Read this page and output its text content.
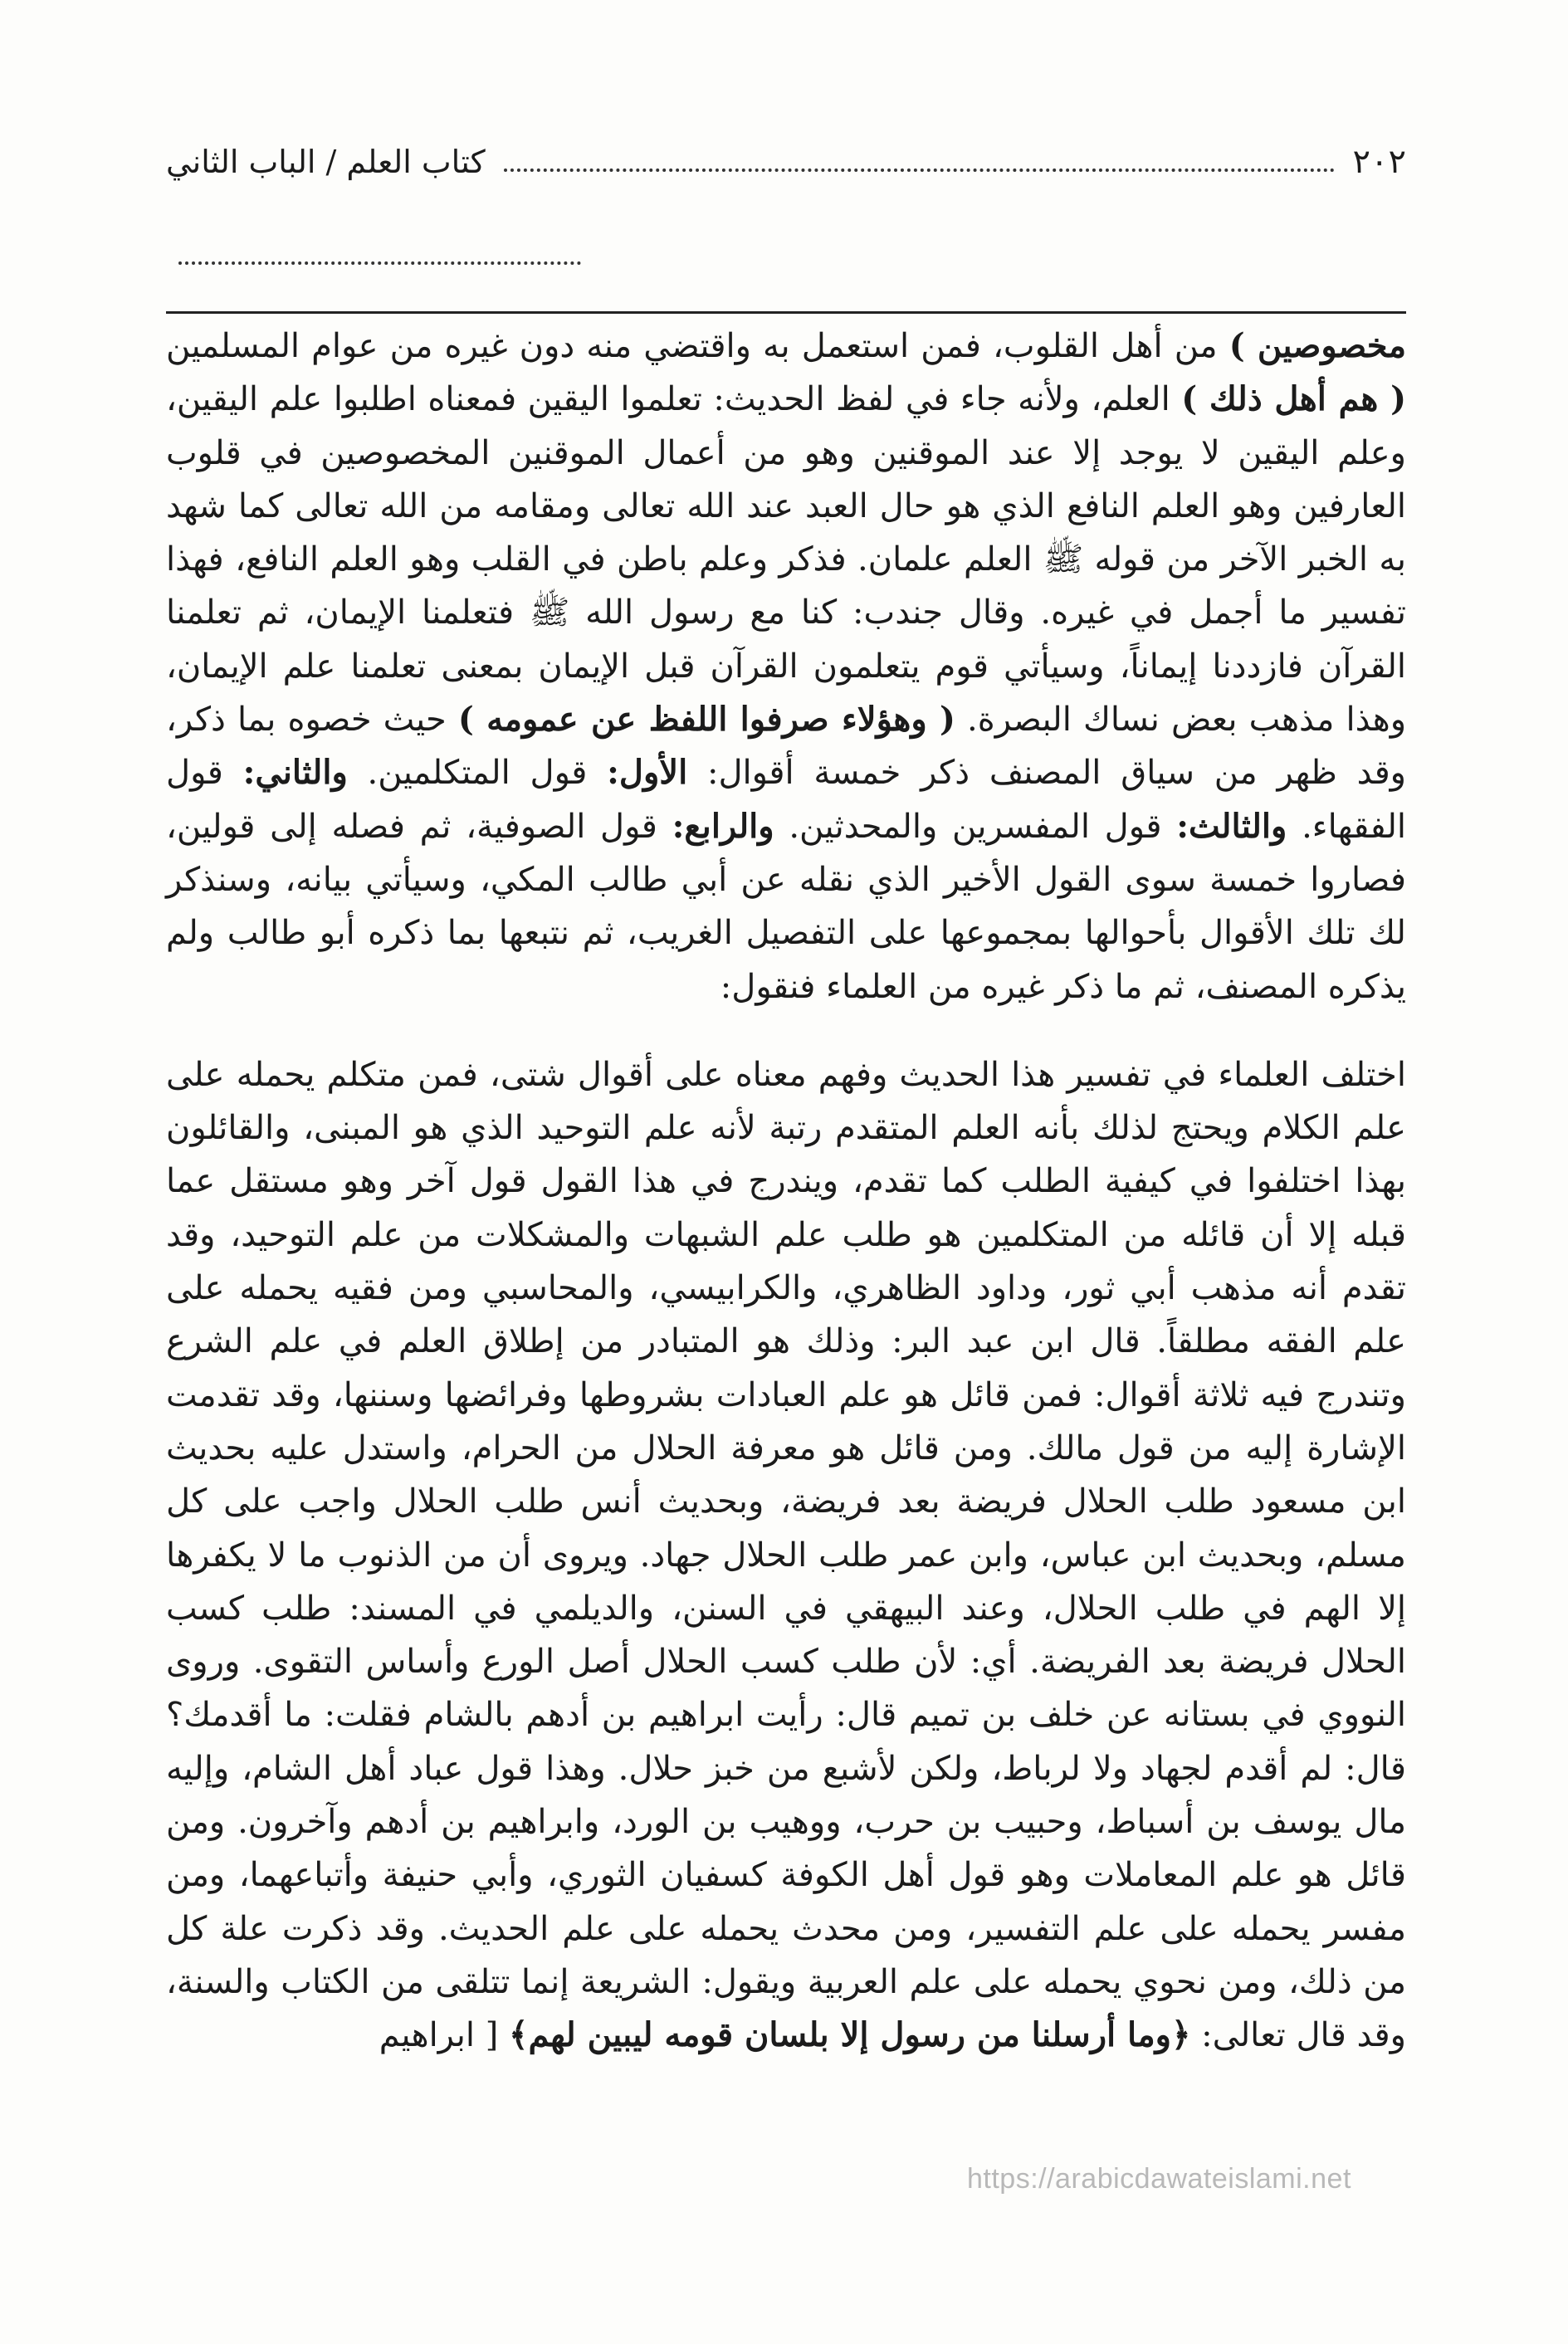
٢٠٢
كتاب العلم / الباب الثاني

مخصوصين ) من أهل القلوب، فمن استعمل به واقتضي منه دون غيره من عوام المسلمين ( هم أهل ذلك ) العلم، ولأنه جاء في لفظ الحديث: تعلموا اليقين فمعناه اطلبوا علم اليقين، وعلم اليقين لا يوجد إلا عند الموقنين وهو من أعمال الموقنين المخصوصين في قلوب العارفين وهو العلم النافع الذي هو حال العبد عند الله تعالى ومقامه من الله تعالى كما شهد به الخبر الآخر من قوله ﷺ العلم علمان. فذكر وعلم باطن في القلب وهو العلم النافع، فهذا تفسير ما أجمل في غيره. وقال جندب: كنا مع رسول الله ﷺ فتعلمنا الإيمان، ثم تعلمنا القرآن فازددنا إيماناً، وسيأتي قوم يتعلمون القرآن قبل الإيمان بمعنى تعلمنا علم الإيمان، وهذا مذهب بعض نساك البصرة. ( وهؤلاء صرفوا اللفظ عن عمومه ) حيث خصوه بما ذكر، وقد ظهر من سياق المصنف ذكر خمسة أقوال: الأول: قول المتكلمين. والثاني: قول الفقهاء. والثالث: قول المفسرين والمحدثين. والرابع: قول الصوفية، ثم فصله إلى قولين، فصاروا خمسة سوى القول الأخير الذي نقله عن أبي طالب المكي، وسيأتي بيانه، وسنذكر لك تلك الأقوال بأحوالها بمجموعها على التفصيل الغريب، ثم نتبعها بما ذكره أبو طالب ولم يذكره المصنف، ثم ما ذكر غيره من العلماء فنقول:

اختلف العلماء في تفسير هذا الحديث وفهم معناه على أقوال شتى، فمن متكلم يحمله على علم الكلام ويحتج لذلك بأنه العلم المتقدم رتبة لأنه علم التوحيد الذي هو المبنى، والقائلون بهذا اختلفوا في كيفية الطلب كما تقدم، ويندرج في هذا القول قول آخر وهو مستقل عما قبله إلا أن قائله من المتكلمين هو طلب علم الشبهات والمشكلات من علم التوحيد، وقد تقدم أنه مذهب أبي ثور، وداود الظاهري، والكرابيسي، والمحاسبي ومن فقيه يحمله على علم الفقه مطلقاً. قال ابن عبد البر: وذلك هو المتبادر من إطلاق العلم في علم الشرع وتندرج فيه ثلاثة أقوال: فمن قائل هو علم العبادات بشروطها وفرائضها وسننها، وقد تقدمت الإشارة إليه من قول مالك. ومن قائل هو معرفة الحلال من الحرام، واستدل عليه بحديث ابن مسعود طلب الحلال فريضة بعد فريضة، وبحديث أنس طلب الحلال واجب على كل مسلم، وبحديث ابن عباس، وابن عمر طلب الحلال جهاد. ويروى أن من الذنوب ما لا يكفرها إلا الهم في طلب الحلال، وعند البيهقي في السنن، والديلمي في المسند: طلب كسب الحلال فريضة بعد الفريضة. أي: لأن طلب كسب الحلال أصل الورع وأساس التقوى. وروى النووي في بستانه عن خلف بن تميم قال: رأيت ابراهيم بن أدهم بالشام فقلت: ما أقدمك؟ قال: لم أقدم لجهاد ولا لرباط، ولكن لأشبع من خبز حلال. وهذا قول عباد أهل الشام، وإليه مال يوسف بن أسباط، وحبيب بن حرب، ووهيب بن الورد، وابراهيم بن أدهم وآخرون. ومن قائل هو علم المعاملات وهو قول أهل الكوفة كسفيان الثوري، وأبي حنيفة وأتباعهما، ومن مفسر يحمله على علم التفسير، ومن محدث يحمله على علم الحديث. وقد ذكرت علة كل من ذلك، ومن نحوي يحمله على علم العربية ويقول: الشريعة إنما تتلقى من الكتاب والسنة، وقد قال تعالى: ﴿وما أرسلنا من رسول إلا بلسان قومه ليبين لهم﴾ [ ابراهيم

https://arabicdawateislami.net
